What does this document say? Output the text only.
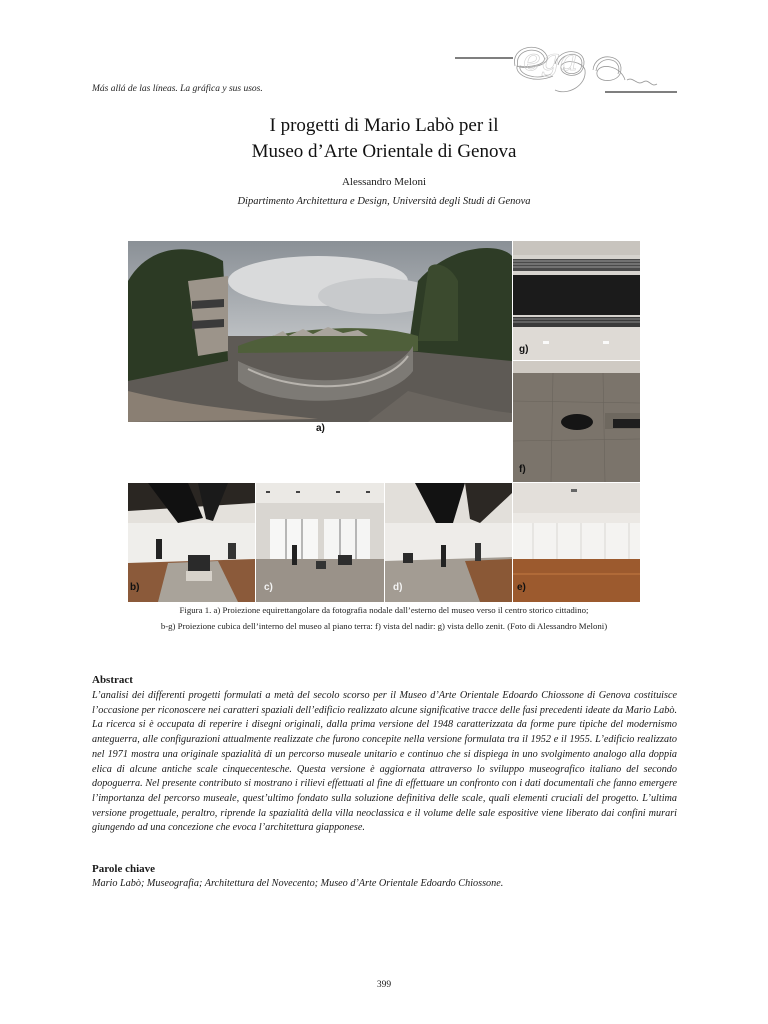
Más allá de las líneas. La gráfica y sus usos.
ega
I progetti di Mario Labò per il
Museo d’Arte Orientale di Genova
Alessandro Meloni
Dipartimento Architettura e Design, Università degli Studi di Genova
a)
g)
f)
b)	c)	d)	e)
Figura 1. a) Proiezione equirettangolare da fotografia nodale dall’esterno del museo verso il centro storico cittadino;
b-g) Proiezione cubica dell’interno del museo al piano terra: f) vista del nadir: g) vista dello zenit. (Foto di Alessandro Meloni)
Abstract

L’analisi dei differenti progetti formulati a metà del secolo scorso per il Museo d’Arte Orientale Edoardo Chiossone di Genova costituisce l’occasione per riconoscere nei caratteri spaziali dell’edificio realizzato alcune significative tracce delle fasi precedenti ideate da Mario Labò. La ricerca si è occupata di reperire i disegni originali, dalla prima versione del 1948 caratterizzata da forme pure tipiche del modernismo anteguerra, alle configurazioni attualmente realizzate che furono concepite nella versione formulata tra il 1952 e il 1955. L’edificio realizzato nel 1971 mostra una originale spazialità di un percorso museale unitario e continuo che si dispiega in uno svolgimento analogo alla doppia elica di alcune antiche scale cinquecentesche. Questa versione è aggiornata attraverso lo sviluppo museografico italiano del secondo dopoguerra. Nel presente contributo si mostrano i rilievi effettuati al fine di effettuare un confronto con i dati documentali che fanno emergere l’importanza del percorso museale, quest’ultimo fondato sulla soluzione definitiva delle scale, quali elementi cruciali del progetto. L’ultima versione progettuale, peraltro, riprende la spazialità della villa neoclassica e il volume delle sale espositive viene liberato dai confini murari giungendo ad una concezione che evoca l’architettura giapponese.

Parole chiave
Mario Labò; Museografia; Architettura del Novecento; Museo d’Arte Orientale Edoardo Chiossone.
399
